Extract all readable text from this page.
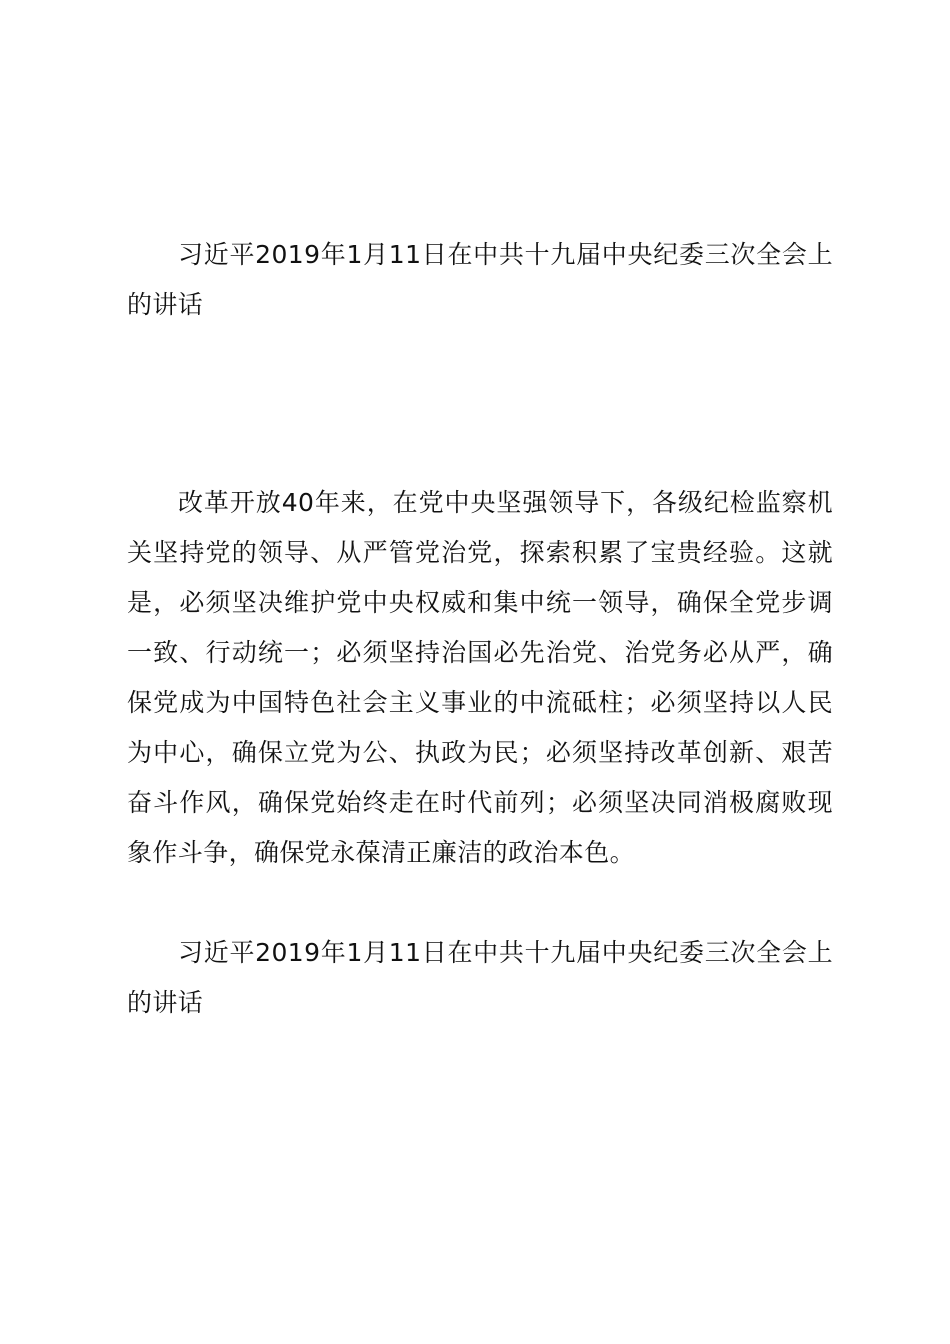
习近平2019年1月11日在中共十九届中央纪委三次全会上的讲话

改革开放40年来，在党中央坚强领导下，各级纪检监察机关坚持党的领导、从严管党治党，探索积累了宝贵经验。这就是，必须坚决维护党中央权威和集中统一领导，确保全党步调一致、行动统一；必须坚持治国必先治党、治党务必从严，确保党成为中国特色社会主义事业的中流砥柱；必须坚持以人民为中心，确保立党为公、执政为民；必须坚持改革创新、艰苦奋斗作风，确保党始终走在时代前列；必须坚决同消极腐败现象作斗争，确保党永葆清正廉洁的政治本色。

习近平2019年1月11日在中共十九届中央纪委三次全会上的讲话
